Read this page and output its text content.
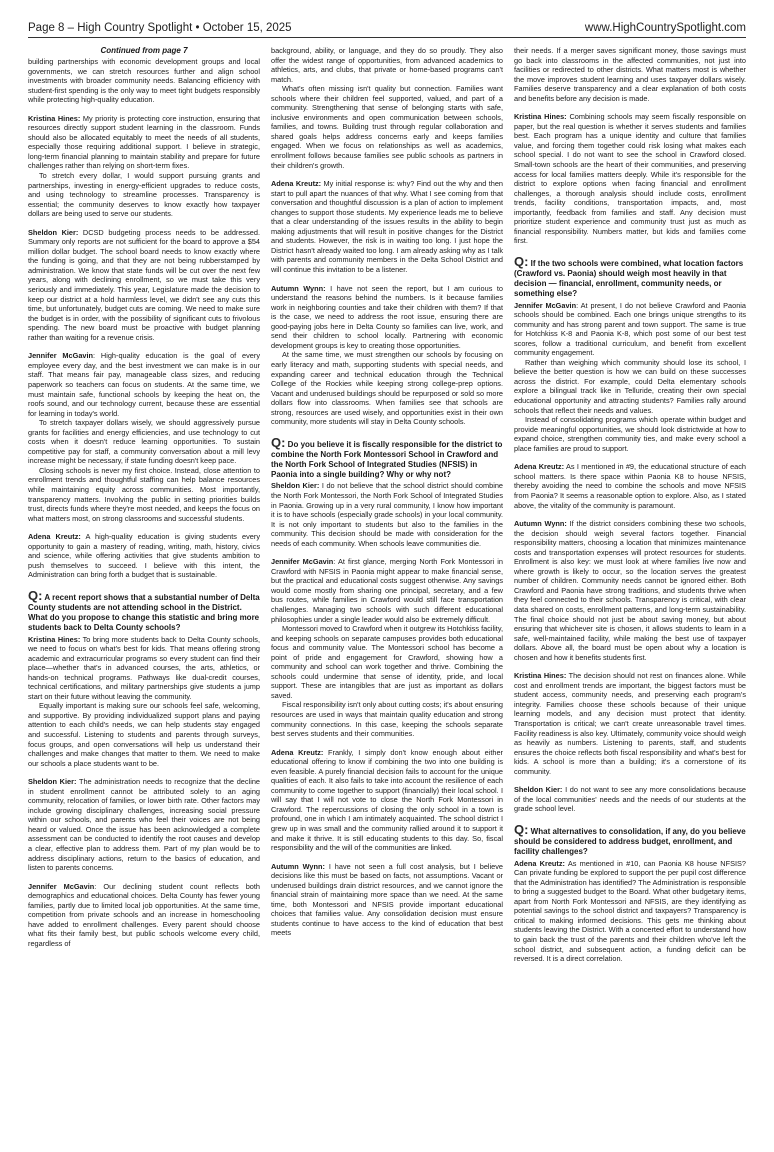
Page 8 – High Country Spotlight • October 15, 2025	www.HighCountrySpotlight.com
Continued from page 7

building partnerships with economic development groups and local governments, we can stretch resources further and align school investments with broader community needs. Balancing efficiency with student-first spending is the only way to meet tight budgets responsibly while protecting high-quality education.

Kristina Hines: My priority is protecting core instruction, ensuring that resources directly support student learning in the classroom. Funds should also be allocated equitably to meet the needs of all students, especially those requiring additional support. I believe in strategic, long-term financial planning to maintain stability and prepare for future challenges rather than relying on short-term fixes.

To stretch every dollar, I would support pursuing grants and partnerships, investing in energy-efficient upgrades to reduce costs, and using technology to streamline processes. Transparency is essential; the community deserves to know exactly how taxpayer dollars are being used to serve our students.

Sheldon Kier: DCSD budgeting process needs to be addressed. Summary only reports are not sufficient for the board to approve a $54 million dollar budget. The school board needs to know exactly where the funding is going, and that they are not being rubberstamped by administration. We know that state funds will be cut over the next few years, along with declining enrollment, so we must take this very seriously and immediately. This year, Legislature made the decision to keep our district at a hold harmless level, we didn't see any cuts this time, but unfortunately, budget cuts are coming. We need to make sure the budget is in order, with the possibility of significant cuts to frivolous spending. The new board must be proactive with budget planning rather than waiting for a revenue crisis.

Jennifer McGavin: High-quality education is the goal of every employee every day, and the best investment we can make is in our staff. That means fair pay, manageable class sizes, and reducing paperwork so teachers can focus on students. At the same time, we must maintain safe, functional schools by keeping the heat on, the roofs sound, and our technology current, because these are essential for learning in today's world.

To stretch taxpayer dollars wisely, we should aggressively pursue grants for facilities and energy efficiencies, and use technology to cut costs when it doesn't reduce learning opportunities. To sustain competitive pay for staff, a community conversation about a mill levy increase might be necessary, if state funding doesn't keep pace.

Closing schools is never my first choice. Instead, close attention to enrollment trends and thoughtful staffing can help balance resources while maintaining equity across communities. Most importantly, transparency matters. Involving the public in setting priorities builds trust, directs funds where they're most needed, and keeps the focus on what matters most, on strong classrooms and successful students.

Adena Kreutz: A high-quality education is giving students every opportunity to gain a mastery of reading, writing, math, history, civics and science, while offering activities that give students ambition to push themselves to succeed. I believe with this intent, the Administration can bring forth a budget that is sustainable.

Q: A recent report shows that a substantial number of Delta County students are not attending school in the District. What do you propose to change this statistic and bring more students back to Delta County schools?

Kristina Hines: To bring more students back to Delta County schools, we need to focus on what's best for kids. That means offering strong academic and extracurricular programs so every student can find their place—whether that's in advanced courses, the arts, athletics, or hands-on technical programs. Pathways like dual-credit courses, technical certifications, and military partnerships give students a jump start on their future without leaving the community.

Equally important is making sure our schools feel safe, welcoming, and supportive. By providing individualized support plans and paying attention to each child's needs, we can help students stay engaged and successful. Listening to students and parents through surveys, focus groups, and open conversations will help us understand their challenges and make changes that matter to them. We need to make our schools a place students want to be.

Sheldon Kier: The administration needs to recognize that the decline in student enrollment cannot be attributed solely to an aging community, relocation of families, or lower birth rate. Other factors may include growing disciplinary challenges, increasing social pressure within our schools, and parents who feel their voices are not being heard or valued. Once the issue has been acknowledged a complete assessment can be conducted to identify the root causes and develop a clear, effective plan to address them. Part of my plan would be to address disciplinary actions, return to the basics of education, and listen to parents concerns.

Jennifer McGavin: Our declining student count reflects both demographics and educational choices. Delta County has fewer young families, partly due to limited local job opportunities. At the same time, competition from private schools and an increase in homeschooling have added to enrollment challenges. Every parent should choose what fits their family best, but public schools welcome every child, regardless of

background, ability, or language, and they do so proudly. They also offer the widest range of opportunities, from advanced academics to athletics, arts, and clubs, that private or home-based programs can't match.

What's often missing isn't quality but connection. Families want schools where their children feel supported, valued, and part of a community. Strengthening that sense of belonging starts with safe, inclusive environments and open communication between schools, families, and towns. Building trust through regular collaboration and shared goals helps address concerns early and keeps families engaged. When we focus on relationships as well as academics, enrollment follows because families see public schools as partners in their children's growth.

Adena Kreutz: My initial response is: why? Find out the why and then start to pull apart the nuances of that why. What I see coming from that conversation and thoughtful discussion is a plan of action to implement changes to support those students. My experience leads me to believe that a clear understanding of the issues results in the ability to begin making adjustments that will result in positive changes for the District and students. However, the risk is in waiting too long. I just hope the District hasn't already waited too long. I am already asking why as I talk with parents and community members in the Delta School District and will continue this invitation to be a listener.

Autumn Wynn: I have not seen the report, but I am curious to understand the reasons behind the numbers. Is it because families work in neighboring counties and take their children with them? If that is the case, we need to address the root issue, ensuring there are good-paying jobs here in Delta County so families can live, work, and send their children to school locally. Partnering with economic development groups is key to creating those opportunities.

At the same time, we must strengthen our schools by focusing on early literacy and math, supporting students with special needs, and expanding career and technical education through the Technical College of the Rockies while keeping strong college-prep options. Vacant and underused buildings should be repurposed or sold so more dollars flow into classrooms. When families see that schools are strong, resources are used wisely, and opportunities exist in their own community, more students will stay in Delta County schools.

Q: Do you believe it is fiscally responsible for the district to combine the North Fork Montessori School in Crawford and the North Fork School of Integrated Studies (NFSIS) in Paonia into a single building? Why or why not?

Sheldon Kier: I do not believe that the school district should combine the North Fork Montessori, the North Fork School of Integrated Studies in Paonia. Growing up in a very rural community, I know how important it is to have schools (especially grade schools) in your local community. It is not only important to students but also to the families in the community. This decision should be made with consideration for the needs of each community. When schools leave communities die.

Jennifer McGavin: At first glance, merging North Fork Montessori in Crawford with NFSIS in Paonia might appear to make financial sense, but the practical and educational costs suggest otherwise. Any savings would come mostly from sharing one principal, secretary, and a few bus routes, while families in Crawford would still face transportation challenges. Managing two schools with such different educational philosophies under a single leader would also be extremely difficult.

Montessori moved to Crawford when it outgrew its Hotchkiss facility, and keeping schools on separate campuses provides both educational focus and community value. The Montessori school has become a point of pride and engagement for Crawford, showing how a community and school can work together and thrive. Combining the schools could undermine that sense of identity, pride, and local support. These are intangibles that are just as important as dollars saved.

Fiscal responsibility isn't only about cutting costs; it's about ensuring resources are used in ways that maintain quality education and strong community connections. In this case, keeping the schools separate best serves students and their communities.

Adena Kreutz: Frankly, I simply don't know enough about either educational offering to know if combining the two into one building is even feasible. A purely financial decision fails to account for the unique qualities of each. It also fails to take into account the resilience of each community to come together to support (financially) their local school. I will say that I will not vote to close the North Fork Montessori in Crawford. The repercussions of closing the only school in a town is profound, one in which I am intimately acquainted. The school district I grew up in was small and the community rallied around it to support it and make it thrive. It is still educating students to this day. So, fiscal responsibility and the will of the communities are linked.

Autumn Wynn: I have not seen a full cost analysis, but I believe decisions like this must be based on facts, not assumptions. Vacant or underused buildings drain district resources, and we cannot ignore the financial strain of maintaining more space than we need. At the same time, both Montessori and NFSIS provide important educational choices that families value. Any consolidation decision must ensure students continue to have access to the kind of education that best meets

their needs. If a merger saves significant money, those savings must go back into classrooms in the affected communities, not just into facilities or redirected to other districts. What matters most is whether the move improves student learning and uses taxpayer dollars wisely. Families deserve transparency and a clear explanation of both costs and benefits before any decision is made.

Kristina Hines: Combining schools may seem fiscally responsible on paper, but the real question is whether it serves students and families best. Each program has a unique identity and culture that families value, and forcing them together could risk losing what makes each school special. I do not want to see the school in Crawford closed. Small-town schools are the heart of their communities, and preserving access for local families matters deeply. While it's responsible for the district to explore options when facing financial and enrollment challenges, a thorough analysis should include costs, enrollment trends, facility conditions, transportation impacts, and, most importantly, feedback from families and staff. Any decision must prioritize student experience and community trust just as much as financial responsibility. Numbers matter, but kids and families come first.

Q: If the two schools were combined, what location factors (Crawford vs. Paonia) should weigh most heavily in that decision — financial, enrollment, community needs, or something else?

Jennifer McGavin: At present, I do not believe Crawford and Paonia schools should be combined. Each one brings unique strengths to its community and has strong parent and town support. The same is true for Hotchkiss K-8 and Paonia K-8, which post some of our best test scores, follow a traditional curriculum, and benefit from excellent community engagement.

Rather than weighing which community should lose its school, I believe the better question is how we can build on these successes across the district. For example, could Delta elementary schools explore a bilingual track like in Telluride, creating their own special educational opportunity and attracting students? Families rally around schools that reflect their needs and values.

Instead of consolidating programs which operate within budget and provide meaningful opportunities, we should look districtwide at how to expand choice, strengthen community ties, and make every school a place families are proud to support.

Adena Kreutz: As I mentioned in #9, the educational structure of each school matters. Is there space within Paonia K8 to house NFSIS, thereby avoiding the need to combine the schools and move NFSIS from Paonia? It seems a reasonable option to explore. Also, as I stated above, the vitality of the community is paramount.

Autumn Wynn: If the district considers combining these two schools, the decision should weigh several factors together. Financial responsibility matters, choosing a location that minimizes maintenance costs and transportation expenses will protect resources for students. Enrollment is also key: we must look at where families live now and where growth is likely to occur, so the location serves the greatest number of children. Community needs cannot be ignored either. Both Crawford and Paonia have strong traditions, and students thrive when they feel connected to their schools. Transparency is critical, with clear data shared on costs, enrollment patterns, and long-term sustainability. The final choice should not just be about saving money, but about ensuring that whichever site is chosen, it allows students to learn in a safe, well-maintained facility, while making the best use of taxpayer dollars. Above all, the board must be open about why a location is chosen and how it benefits students first.

Kristina Hines: The decision should not rest on finances alone. While cost and enrollment trends are important, the biggest factors must be student access, community needs, and preserving each program's integrity. Families choose these schools because of their unique learning models, and any decision must protect that identity. Transportation is critical; we can't create unreasonable travel times. Facility readiness is also key. Ultimately, community voice should weigh as heavily as numbers. Listening to parents, staff, and students ensures the choice reflects both fiscal responsibility and what's best for kids. A school is more than a building; it's a cornerstone of its community.

Sheldon Kier: I do not want to see any more consolidations because of the local communities' needs and the needs of our students at the grade school level.

Q: What alternatives to consolidation, if any, do you believe should be considered to address budget, enrollment, and facility challenges?

Adena Kreutz: As mentioned in #10, can Paonia K8 house NFSIS? Can private funding be explored to support the per pupil cost difference that the Administration has identified? The Administration is responsible to bring a suggested budget to the Board. What other budgetary items, apart from North Fork Montessori and NFSIS, are they identifying as potential savings to the school district and taxpayers? Transparency is critical to making informed decisions. This gets me thinking about students leaving the District. With a concerted effort to understand how to gain back the trust of the parents and their children who've left the school district, and subsequent action, a funding deficit can be reversed. It is a direct correlation.
